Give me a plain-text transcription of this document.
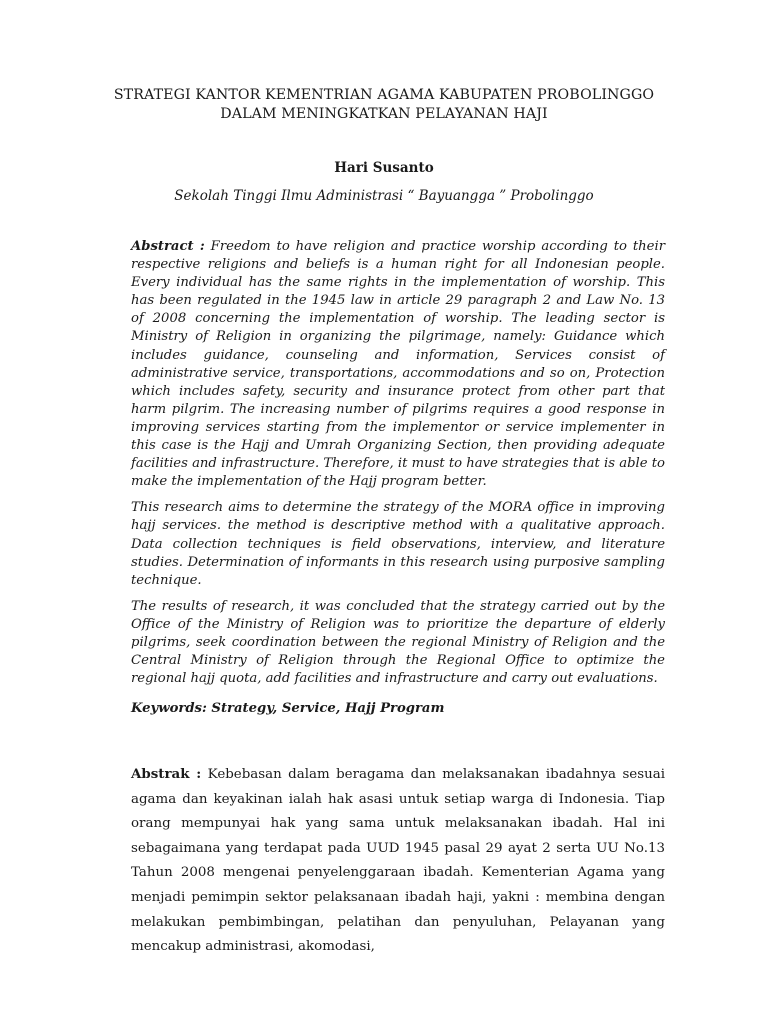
STRATEGI KANTOR KEMENTRIAN AGAMA KABUPATEN PROBOLINGGO
DALAM MENINGKATKAN PELAYANAN HAJI

Hari Susanto

Sekolah Tinggi Ilmu Administrasi “ Bayuangga ” Probolinggo

Abstract : Freedom to have religion and practice worship according to their respective religions and beliefs is a human right for all Indonesian people. Every individual has the same rights in the implementation of worship. This has been regulated in the 1945 law in article 29 paragraph 2 and Law No. 13 of 2008 concerning the implementation of worship. The leading sector is Ministry of Religion in organizing the pilgrimage, namely: Guidance which includes guidance, counseling and information, Services consist of administrative service, transportations, accommodations and so on, Protection which includes safety, security and insurance protect from other part that harm pilgrim. The increasing number of pilgrims requires a good response in improving services starting from the implementor or service implementer in this case is the Hajj and Umrah Organizing Section, then providing adequate facilities and infrastructure. Therefore, it must to have strategies that is able to make the implementation of the Hajj program better.

This research aims to determine the strategy of the MORA office in improving hajj services. the method is descriptive method with a qualitative approach. Data collection techniques is field observations, interview, and literature studies. Determination of informants in this research using purposive sampling technique.

The results of research, it was concluded that the strategy carried out by the Office of the Ministry of Religion was to prioritize the departure of elderly pilgrims, seek coordination between the regional Ministry of Religion and the Central Ministry of Religion through the Regional Office to optimize the regional hajj quota, add facilities and infrastructure and carry out evaluations.

Keywords: Strategy, Service, Hajj Program

Abstrak : Kebebasan dalam beragama dan melaksanakan ibadahnya sesuai agama dan keyakinan ialah hak asasi untuk setiap warga di Indonesia. Tiap orang mempunyai hak yang sama untuk melaksanakan ibadah. Hal ini sebagaimana yang terdapat pada UUD 1945 pasal 29 ayat 2 serta UU No.13 Tahun 2008 mengenai penyelenggaraan ibadah. Kementerian Agama yang menjadi pemimpin sektor pelaksanaan ibadah haji, yakni : membina dengan melakukan pembimbingan, pelatihan dan penyuluhan, Pelayanan yang mencakup administrasi, akomodasi,
